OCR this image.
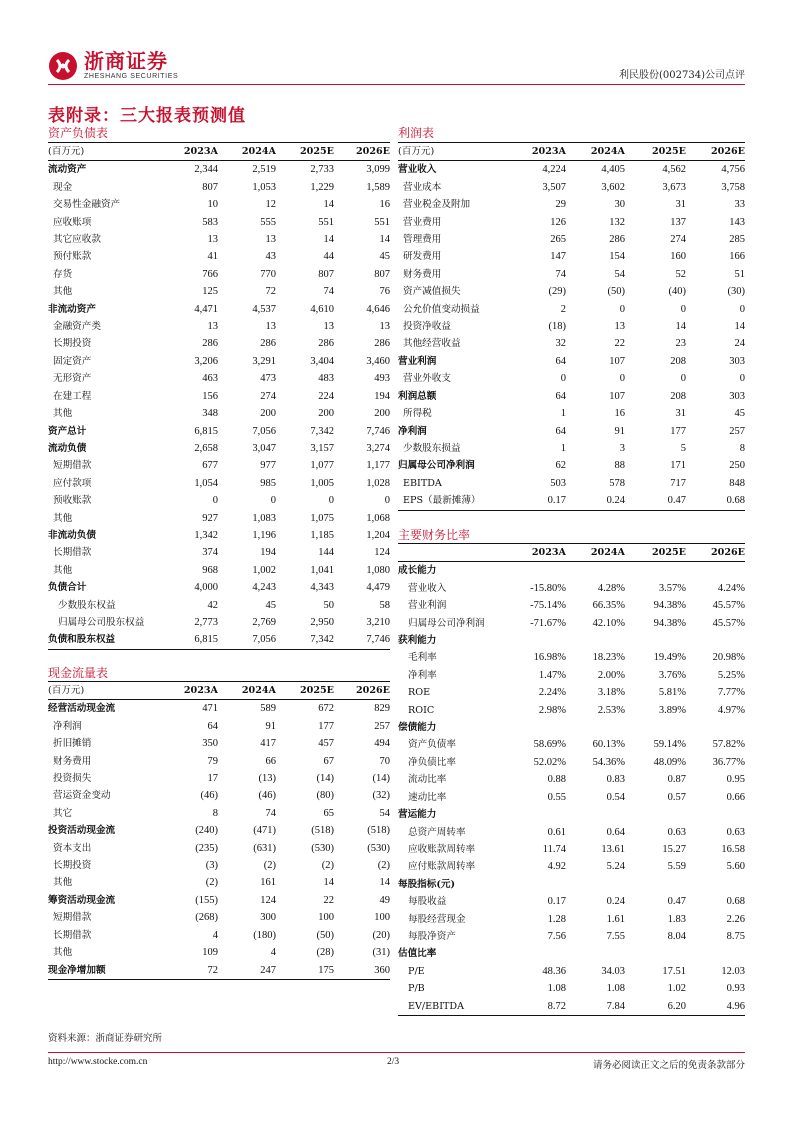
浙商证券
ZHESHANG SECURITIES	利民股份(002734)公司点评
表附录：三大报表预测值
资产负债表	利润表
现金流量表
主要财务比率
(百万元)	2023A	2024A	2025E	2026E
流动资产	2,344	2,519	2,733	3,099
现金	807	1,053	1,229	1,589
交易性金融资产	10	12	14	16
应收账项	583	555	551	551
其它应收款	13	13	14	14
预付账款	41	43	44	45
存货	766	770	807	807
其他	125	72	74	76
非流动资产	4,471	4,537	4,610	4,646
金融资产类	13	13	13	13
长期投资	286	286	286	286
固定资产	3,206	3,291	3,404	3,460
无形资产	463	473	483	493
在建工程	156	274	224	194
其他	348	200	200	200
资产总计	6,815	7,056	7,342	7,746
流动负债	2,658	3,047	3,157	3,274
短期借款	677	977	1,077	1,177
应付款项	1,054	985	1,005	1,028
预收账款	0	0	0	0
其他	927	1,083	1,075	1,068
非流动负债	1,342	1,196	1,185	1,204
长期借款	374	194	144	124
其他	968	1,002	1,041	1,080
负债合计	4,000	4,243	4,343	4,479
少数股东权益	42	45	50	58
归属母公司股东权益	2,773	2,769	2,950	3,210
负债和股东权益	6,815	7,056	7,342	7,746
(百万元)	2023A	2024A	2025E	2026E
营业收入	4,224	4,405	4,562	4,756
营业成本	3,507	3,602	3,673	3,758
营业税金及附加	29	30	31	33
营业费用	126	132	137	143
管理费用	265	286	274	285
研发费用	147	154	160	166
财务费用	74	54	52	51
资产减值损失	(29)	(50)	(40)	(30)
公允价值变动损益	2	0	0	0
投资净收益	(18)	13	14	14
其他经营收益	32	22	23	24
营业利润	64	107	208	303
营业外收支	0	0	0	0
利润总额	64	107	208	303
所得税	1	16	31	45
净利润	64	91	177	257
少数股东损益	1	3	5	8
归属母公司净利润	62	88	171	250
EBITDA	503	578	717	848
EPS（最新摊薄）	0.17	0.24	0.47	0.68
(百万元)	2023A	2024A	2025E	2026E
经营活动现金流	471	589	672	829
净利润	64	91	177	257
折旧摊销	350	417	457	494
财务费用	79	66	67	70
投资损失	17	(13)	(14)	(14)
营运资金变动	(46)	(46)	(80)	(32)
其它	8	74	65	54
投资活动现金流	(240)	(471)	(518)	(518)
资本支出	(235)	(631)	(530)	(530)
长期投资	(3)	(2)	(2)	(2)
其他	(2)	161	14	14
筹资活动现金流	(155)	124	22	49
短期借款	(268)	300	100	100
长期借款	4	(180)	(50)	(20)
其他	109	4	(28)	(31)
现金净增加额	72	247	175	360
	2023A	2024A	2025E	2026E
成长能力				
营业收入	-15.80%	4.28%	3.57%	4.24%
营业利润	-75.14%	66.35%	94.38%	45.57%
归属母公司净利润	-71.67%	42.10%	94.38%	45.57%
获利能力				
毛利率	16.98%	18.23%	19.49%	20.98%
净利率	1.47%	2.00%	3.76%	5.25%
ROE	2.24%	3.18%	5.81%	7.77%
ROIC	2.98%	2.53%	3.89%	4.97%
偿债能力				
资产负债率	58.69%	60.13%	59.14%	57.82%
净负债比率	52.02%	54.36%	48.09%	36.77%
流动比率	0.88	0.83	0.87	0.95
速动比率	0.55	0.54	0.57	0.66
营运能力				
总资产周转率	0.61	0.64	0.63	0.63
应收账款周转率	11.74	13.61	15.27	16.58
应付账款周转率	4.92	5.24	5.59	5.60
每股指标(元)				
每股收益	0.17	0.24	0.47	0.68
每股经营现金	1.28	1.61	1.83	2.26
每股净资产	7.56	7.55	8.04	8.75
估值比率				
P/E	48.36	34.03	17.51	12.03
P/B	1.08	1.08	1.02	0.93
EV/EBITDA	8.72	7.84	6.20	4.96
资料来源：浙商证券研究所
http://www.stocke.com.cn	2/3	请务必阅读正文之后的免责条款部分
